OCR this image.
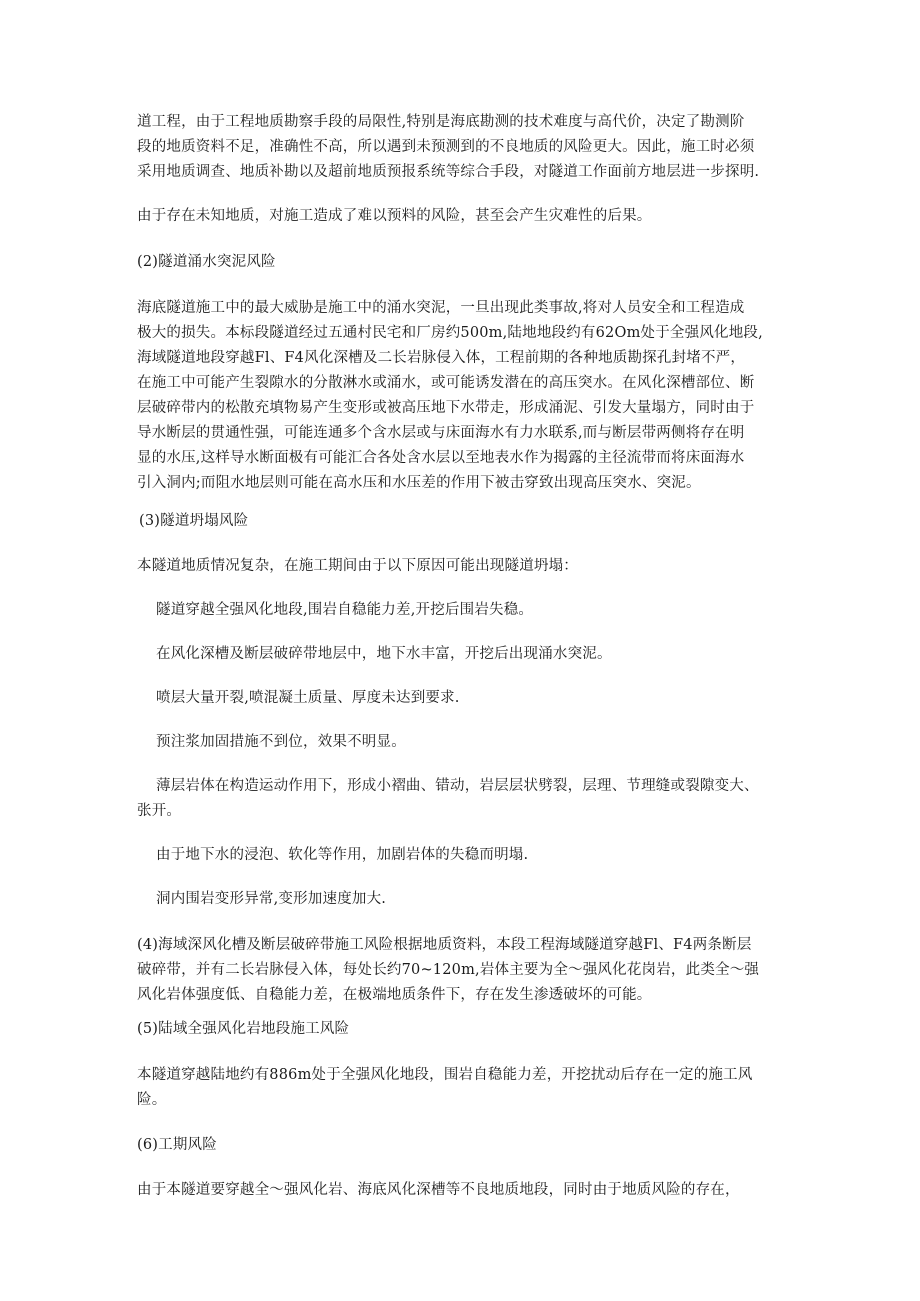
道工程，由于工程地质勘察手段的局限性,特别是海底勘测的技术难度与高代价，决定了勘测阶
段的地质资料不足，准确性不高，所以遇到未预测到的不良地质的风险更大。因此，施工时必须
采用地质调查、地质补勘以及超前地质预报系统等综合手段，对隧道工作面前方地层进一步探明.
由于存在未知地质，对施工造成了难以预料的风险，甚至会产生灾难性的后果。
(2)隧道涌水突泥风险
海底隧道施工中的最大威胁是施工中的涌水突泥，一旦出现此类事故,将对人员安全和工程造成
极大的损失。本标段隧道经过五通村民宅和厂房约500m,陆地地段约有62Om处于全强风化地段,
海域隧道地段穿越Fl、F4风化深槽及二长岩脉侵入体，工程前期的各种地质勘探孔封堵不严，
在施工中可能产生裂隙水的分散淋水或涌水，或可能诱发潜在的高压突水。在风化深槽部位、断
层破碎带内的松散充填物易产生变形或被高压地下水带走，形成涌泥、引发大量塌方，同时由于
导水断层的贯通性强，可能连通多个含水层或与床面海水有力水联系,而与断层带两侧将存在明
显的水压,这样导水断面极有可能汇合各处含水层以至地表水作为揭露的主径流带而将床面海水
引入洞内;而阻水地层则可能在高水压和水压差的作用下被击穿致出现高压突水、突泥。
(3)隧道坍塌风险
本隧道地质情况复杂，在施工期间由于以下原因可能出现隧道坍塌：
隧道穿越全强风化地段,围岩自稳能力差,开挖后围岩失稳。
在风化深槽及断层破碎带地层中，地下水丰富，开挖后出现涌水突泥。
喷层大量开裂,喷混凝土质量、厚度未达到要求.
预注浆加固措施不到位，效果不明显。
薄层岩体在构造运动作用下，形成小褶曲、错动，岩层层状劈裂，层理、节理缝或裂隙变大、
张开。
由于地下水的浸泡、软化等作用，加剧岩体的失稳而明塌.
洞内围岩变形异常,变形加速度加大.
(4)海域深风化槽及断层破碎带施工风险根据地质资料，本段工程海域隧道穿越Fl、F4两条断层
破碎带，并有二长岩脉侵入体，每处长约70~120m,岩体主要为全～强风化花岗岩，此类全～强
风化岩体强度低、自稳能力差，在极端地质条件下，存在发生渗透破坏的可能。
(5)陆域全强风化岩地段施工风险
本隧道穿越陆地约有886m处于全强风化地段，围岩自稳能力差，开挖扰动后存在一定的施工风
险。
(6)工期风险
由于本隧道要穿越全～强风化岩、海底风化深槽等不良地质地段，同时由于地质风险的存在，
